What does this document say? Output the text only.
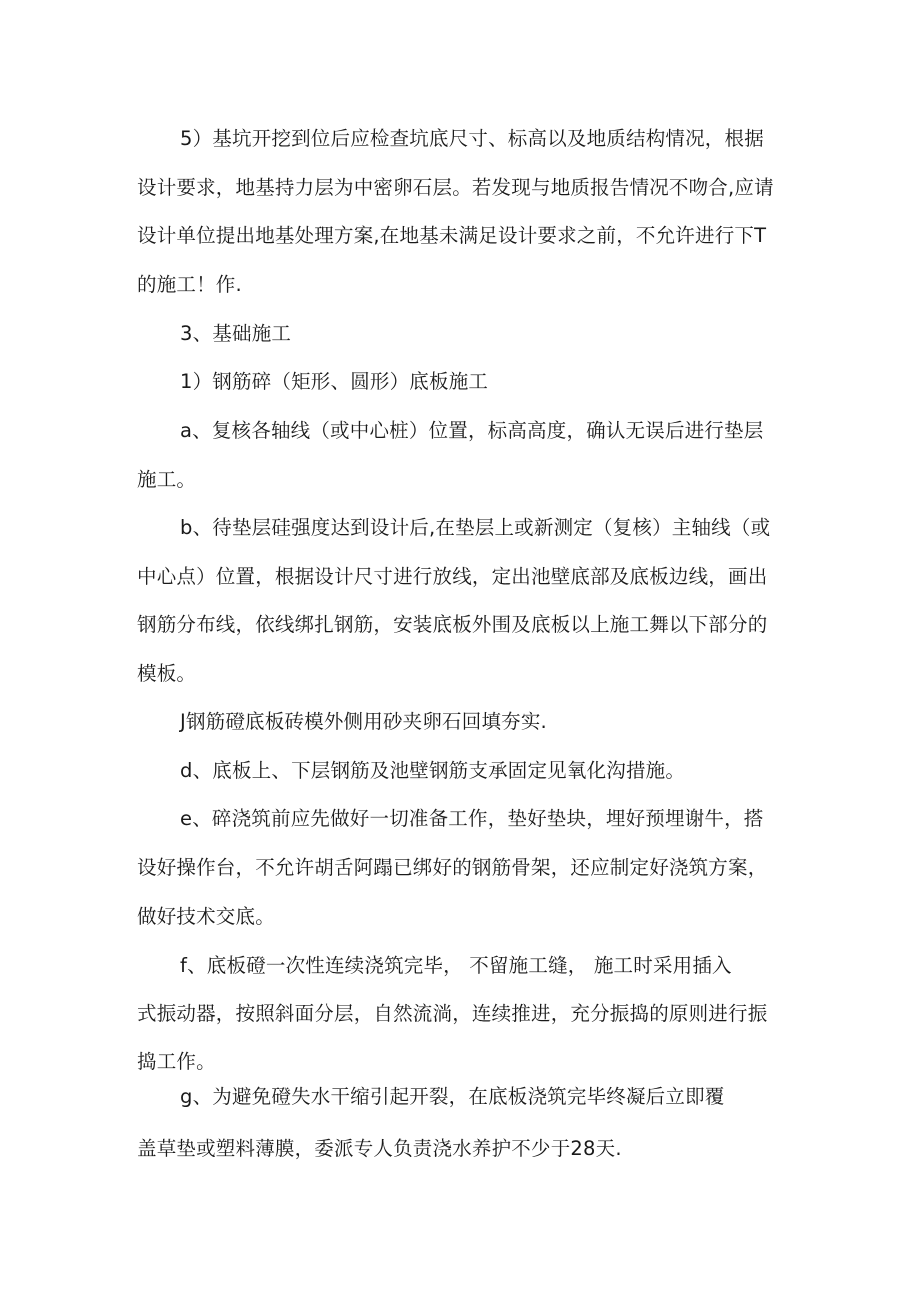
5）基坑开挖到位后应检查坑底尺寸、标高以及地质结构情况，根据
设计要求，地基持力层为中密卵石层。若发现与地质报告情况不吻合,应请
设计单位提出地基处理方案,在地基未满足设计要求之前，不允许进行下T
的施工！作.
3、基础施工
1）钢筋碎（矩形、圆形）底板施工
a、复核各轴线（或中心桩）位置，标高高度，确认无误后进行垫层
施工。
b、待垫层硅强度达到设计后,在垫层上或新测定（复核）主轴线（或
中心点）位置，根据设计尺寸进行放线，定出池壁底部及底板边线，画出
钢筋分布线，依线绑扎钢筋，安装底板外围及底板以上施工舞以下部分的
模板。
J钢筋磴底板砖模外侧用砂夹卵石回填夯实.
d、底板上、下层钢筋及池壁钢筋支承固定见氧化沟措施。
e、碎浇筑前应先做好一切准备工作，垫好垫块，埋好预埋谢牛，搭
设好操作台，不允许胡舌阿蹋已绑好的钢筋骨架，还应制定好浇筑方案，
做好技术交底。
f、底板磴一次性连续浇筑完毕， 不留施工缝， 施工时采用插入
式振动器，按照斜面分层，自然流淌，连续推进，充分振捣的原则进行振
捣工作。
g、为避免磴失水干缩引起开裂，在底板浇筑完毕终凝后立即覆
盖草垫或塑料薄膜，委派专人负责浇水养护不少于28天.
